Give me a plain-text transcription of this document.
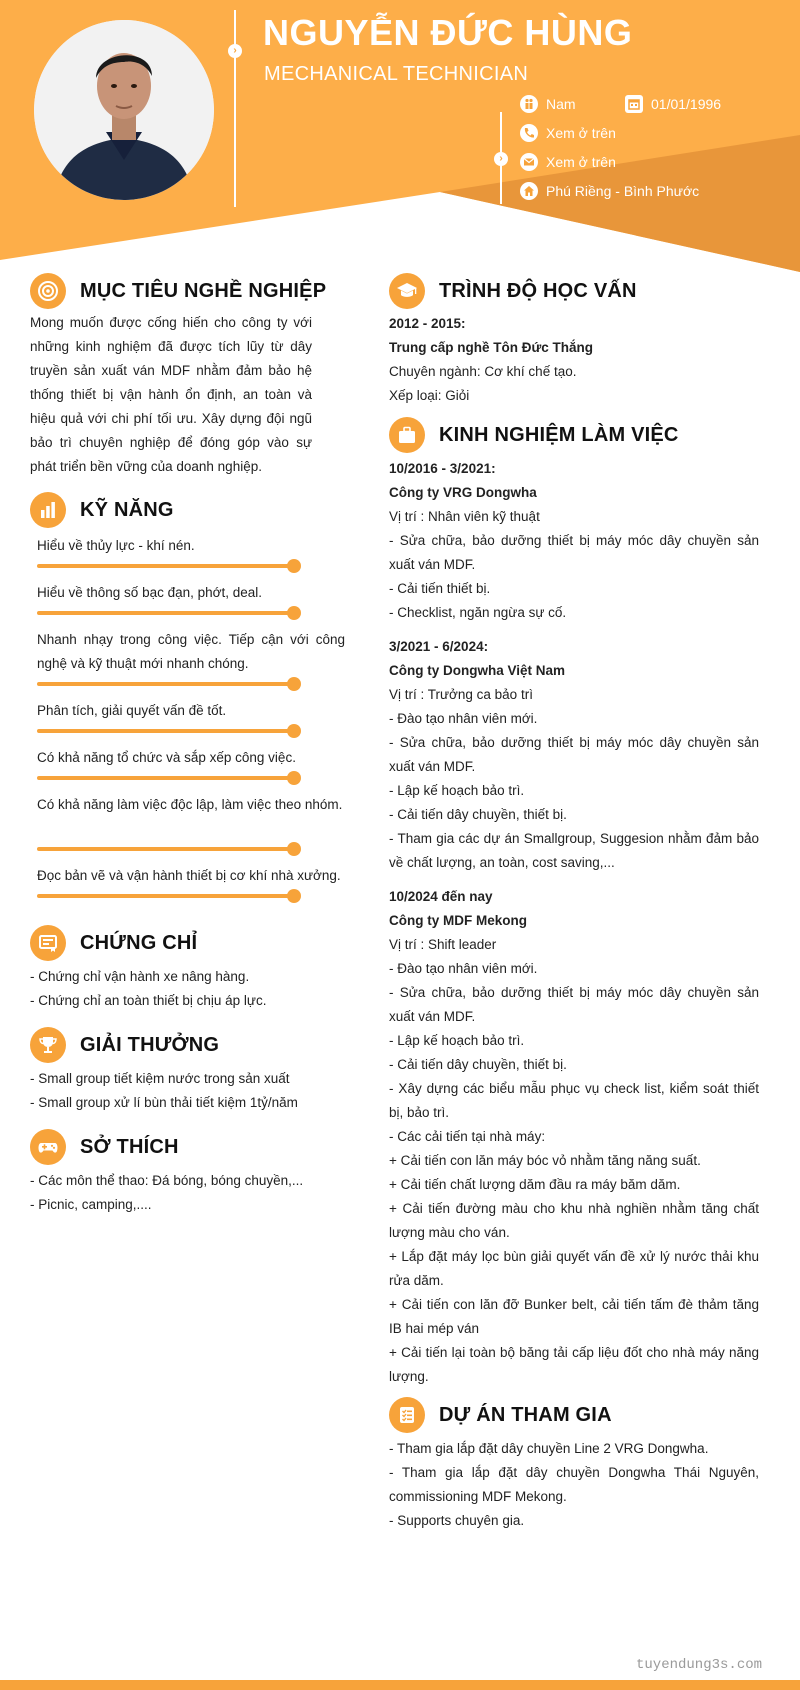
› NGUYỄN ĐỨC HÙNG
MECHANICAL TECHNICIAN
›
Nam	01/01/1996
Xem ở trên
Xem ở trên
Phú Riềng - Bình Phước
MỤC TIÊU NGHỀ NGHIỆP
Mong muốn được cống hiến cho công ty với những kinh nghiệm đã được tích lũy từ dây truyền sản xuất ván MDF nhằm đảm bảo hệ thống thiết bị vận hành ổn định, an toàn và hiệu quả với chi phí tối ưu. Xây dựng đội ngũ bảo trì chuyên nghiệp để đóng góp vào sự phát triển bền vững của doanh nghiệp.
KỸ NĂNG
Hiểu về thủy lực - khí nén.
Hiểu về thông số bạc đạn, phớt, deal.
Nhanh nhạy trong công việc. Tiếp cận với công nghệ và kỹ thuật mới nhanh chóng.
Phân tích, giải quyết vấn đề tốt.
Có khả năng tổ chức và sắp xếp công việc.
Có khả năng làm việc độc lập, làm việc theo nhóm.
Đọc bản vẽ và vận hành thiết bị cơ khí nhà xưởng.
CHỨNG CHỈ
- Chứng chỉ vận hành xe nâng hàng.
- Chứng chỉ an toàn thiết bị chịu áp lực.
GIẢI THƯỞNG
- Small group tiết kiệm nước trong sản xuất
- Small group xử lí bùn thải tiết kiệm 1tỷ/năm
SỞ THÍCH
- Các môn thể thao: Đá bóng, bóng chuyền,...
- Picnic, camping,....
TRÌNH ĐỘ HỌC VẤN
2012 - 2015:
Trung cấp nghề Tôn Đức Thắng
Chuyên ngành: Cơ khí chế tạo.
Xếp loại: Giỏi
KINH NGHIỆM LÀM VIỆC
10/2016 - 3/2021:
Công ty VRG Dongwha
Vị trí : Nhân viên kỹ thuật
- Sửa chữa, bảo dưỡng thiết bị máy móc dây chuyền sản xuất ván MDF.
- Cải tiến thiết bị.
- Checklist, ngăn ngừa sự cố.
3/2021 - 6/2024:
Công ty Dongwha Việt Nam
Vị trí : Trưởng ca bảo trì
- Đào tạo nhân viên mới.
- Sửa chữa, bảo dưỡng thiết bị máy móc dây chuyền sản xuất ván MDF.
- Lập kế hoạch bảo trì.
- Cải tiến dây chuyền, thiết bị.
- Tham gia các dự án Smallgroup, Suggesion nhằm đảm bảo về chất lượng, an toàn, cost saving,...
10/2024 đến nay
Công ty MDF Mekong
Vị trí : Shift leader
- Đào tạo nhân viên mới.
- Sửa chữa, bảo dưỡng thiết bị máy móc dây chuyền sản xuất ván MDF.
- Lập kế hoạch bảo trì.
- Cải tiến dây chuyền, thiết bị.
- Xây dựng các biểu mẫu phục vụ check list, kiểm soát thiết bị, bảo trì.
- Các cải tiến tại nhà máy:
+ Cải tiến con lăn máy bóc vỏ nhằm tăng năng suất.
+ Cải tiến chất lượng dăm đầu ra máy băm dăm.
+ Cải tiến đường màu cho khu nhà nghiền nhằm tăng chất lượng màu cho ván.
+ Lắp đặt máy lọc bùn giải quyết vấn đề xử lý nước thải khu rửa dăm.
+ Cải tiến con lăn đỡ Bunker belt, cải tiến tấm đè thảm tăng IB hai mép ván
+ Cải tiến lại toàn bộ băng tải cấp liệu đốt cho nhà máy năng lượng.
DỰ ÁN THAM GIA
- Tham gia lắp đặt dây chuyền Line 2 VRG Dongwha.
- Tham gia lắp đặt dây chuyền Dongwha Thái Nguyên, commissioning MDF Mekong.
- Supports chuyên gia.
tuyendung3s.com
